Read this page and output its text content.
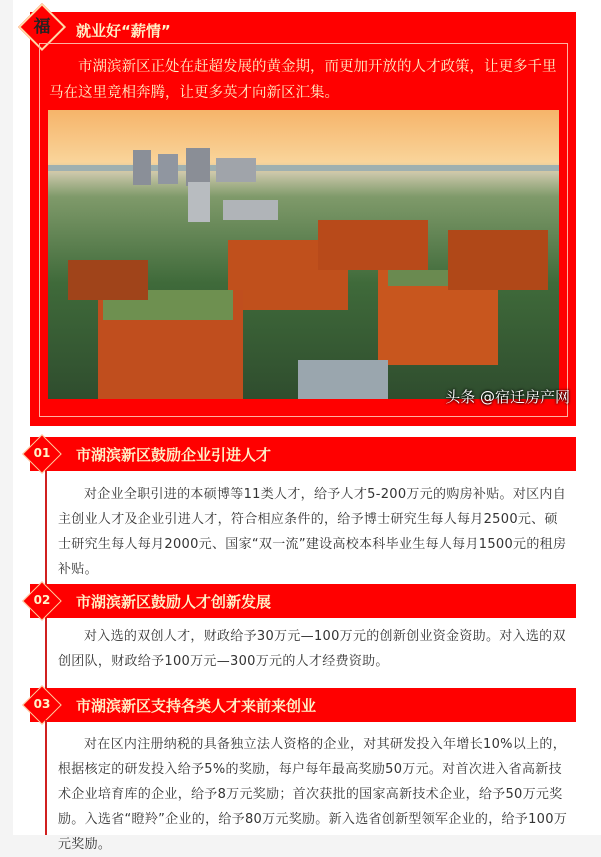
福 就业好“薪情”
市湖滨新区正处在赶超发展的黄金期，而更加开放的人才政策，让更多千里马在这里竟相奔腾，让更多英才向新区汇集。
01 市湖滨新区鼓励企业引进人才
对企业全职引进的本硕博等11类人才，给予人才5-200万元的购房补贴。对区内自主创业人才及企业引进人才，符合相应条件的，给予博士研究生每人每月2500元、硕士研究生每人每月2000元、国家“双一流”建设高校本科毕业生每人每月1500元的租房补贴。
02 市湖滨新区鼓励人才创新发展
对入选的双创人才，财政给予30万元—100万元的创新创业资金资助。对入选的双创团队，财政给予100万元—300万元的人才经费资助。
03 市湖滨新区支持各类人才来前来创业
对在区内注册纳税的具备独立法人资格的企业，对其研发投入年增长10%以上的，根据核定的研发投入给予5%的奖励，每户每年最高奖励50万元。对首次进入省高新技术企业培育库的企业，给予8万元奖励；首次获批的国家高新技术企业，给予50万元奖励。入选省“瞪羚”企业的，给予80万元奖励。新入选省创新型领军企业的，给予100万元奖励。
头条 @宿迁房产网
